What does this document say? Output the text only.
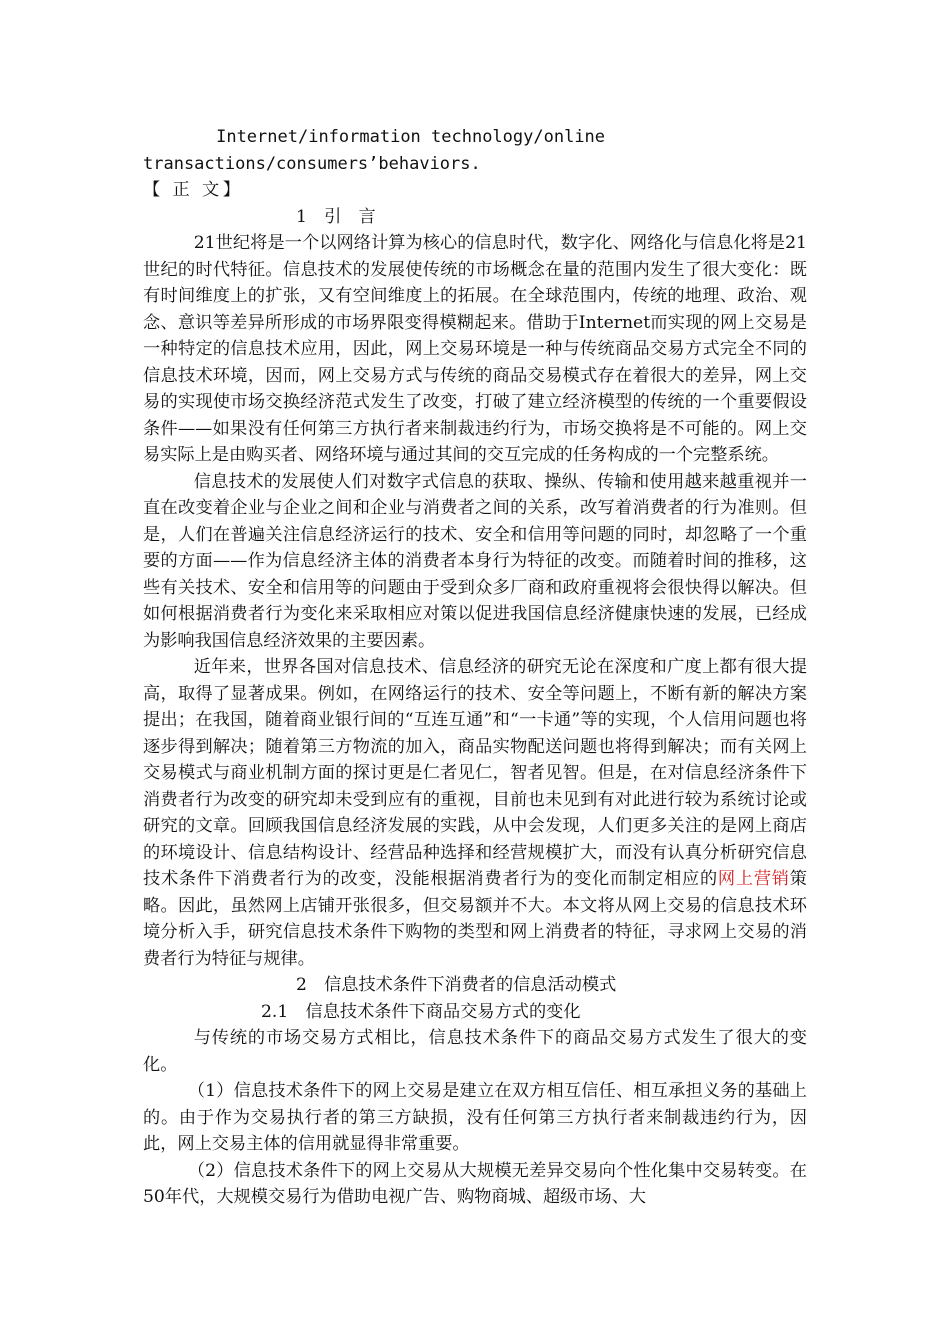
Internet/information technology/online transactions/consumers’behaviors.

【 正 文】

1　引　言

21世纪将是一个以网络计算为核心的信息时代，数字化、网络化与信息化将是21世纪的时代特征。信息技术的发展使传统的市场概念在量的范围内发生了很大变化：既有时间维度上的扩张，又有空间维度上的拓展。在全球范围内，传统的地理、政治、观念、意识等差异所形成的市场界限变得模糊起来。借助于Internet而实现的网上交易是一种特定的信息技术应用，因此，网上交易环境是一种与传统商品交易方式完全不同的信息技术环境，因而，网上交易方式与传统的商品交易模式存在着很大的差异，网上交易的实现使市场交换经济范式发生了改变，打破了建立经济模型的传统的一个重要假设条件——如果没有任何第三方执行者来制裁违约行为，市场交换将是不可能的。网上交易实际上是由购买者、网络环境与通过其间的交互完成的任务构成的一个完整系统。

信息技术的发展使人们对数字式信息的获取、操纵、传输和使用越来越重视并一直在改变着企业与企业之间和企业与消费者之间的关系，改写着消费者的行为准则。但是，人们在普遍关注信息经济运行的技术、安全和信用等问题的同时，却忽略了一个重要的方面——作为信息经济主体的消费者本身行为特征的改变。而随着时间的推移，这些有关技术、安全和信用等的问题由于受到众多厂商和政府重视将会很快得以解决。但如何根据消费者行为变化来采取相应对策以促进我国信息经济健康快速的发展，已经成为影响我国信息经济效果的主要因素。

近年来，世界各国对信息技术、信息经济的研究无论在深度和广度上都有很大提高，取得了显著成果。例如，在网络运行的技术、安全等问题上，不断有新的解决方案提出；在我国，随着商业银行间的“互连互通”和“一卡通”等的实现，个人信用问题也将逐步得到解决；随着第三方物流的加入，商品实物配送问题也将得到解决；而有关网上交易模式与商业机制方面的探讨更是仁者见仁，智者见智。但是，在对信息经济条件下消费者行为改变的研究却未受到应有的重视，目前也未见到有对此进行较为系统讨论或研究的文章。回顾我国信息经济发展的实践，从中会发现，人们更多关注的是网上商店的环境设计、信息结构设计、经营品种选择和经营规模扩大，而没有认真分析研究信息技术条件下消费者行为的改变，没能根据消费者行为的变化而制定相应的网上营销策略。因此，虽然网上店铺开张很多，但交易额并不大。本文将从网上交易的信息技术环境分析入手，研究信息技术条件下购物的类型和网上消费者的特征，寻求网上交易的消费者行为特征与规律。

2　信息技术条件下消费者的信息活动模式

2.1　信息技术条件下商品交易方式的变化

与传统的市场交易方式相比，信息技术条件下的商品交易方式发生了很大的变化。

（1）信息技术条件下的网上交易是建立在双方相互信任、相互承担义务的基础上的。由于作为交易执行者的第三方缺损，没有任何第三方执行者来制裁违约行为，因此，网上交易主体的信用就显得非常重要。

（2）信息技术条件下的网上交易从大规模无差异交易向个性化集中交易转变。在50年代，大规模交易行为借助电视广告、购物商城、超级市场、大
